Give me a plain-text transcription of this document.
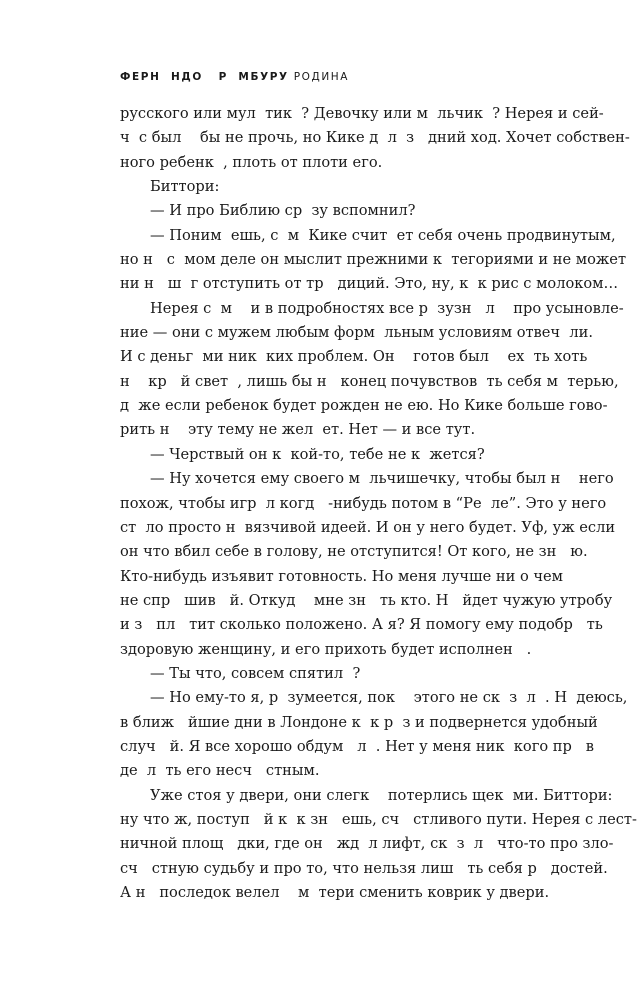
ФЕРН  НДО   Р  МБУРУ РОДИНА
русского или мул  тик  ? Девочку или м  льчик  ? Нерея и сей-
ч  с был    бы не прочь, но Кике д  л  з   дний ход. Хочет собствен-
ного ребенк  , плоть от плоти его.
Биттори:
— И про Библию ср  зу вспомнил?
— Поним  ешь, с  м  Кике счит  ет себя очень продвинутым,
но н   с  мом деле он мыслит прежними к  тегориями и не может
ни н   ш  г отступить от тр   диций. Это, ну, к  к рис с молоком…
Нерея с  м    и в подробностях все р  зузн   л    про усыновле-
ние — они с мужем любым форм  льным условиям отвеч  ли.
И с деньг  ми ник  ких проблем. Он    готов был    ех  ть хоть
н    кр   й свет  , лишь бы н   конец почувствов  ть себя м  терью,
д  же если ребенок будет рожден не ею. Но Кике больше гово-
рить н    эту тему не жел  ет. Нет — и все тут.
— Черствый он к  кой-то, тебе не к  жется?
— Ну хочется ему своего м  льчишечку, чтобы был н    него
похож, чтобы игр  л когд   -нибудь потом в “Ре  ле”. Это у него
ст  ло просто н  вязчивой идеей. И он у него будет. Уф, уж если
он что вбил себе в голову, не отступится! От кого, не зн   ю.
Кто-нибудь изъявит готовность. Но меня лучше ни о чем
не спр   шив   й. Откуд    мне зн   ть кто. Н   йдет чужую утробу
и з   пл   тит сколько положено. А я? Я помогу ему подобр   ть
здоровую женщину, и его прихоть будет исполнен   .
— Ты что, совсем спятил  ?
— Но ему-то я, р  зумеется, пок    этого не ск  з  л  . Н  деюсь,
в ближ   йшие дни в Лондоне к  к р  з и подвернется удобный
случ   й. Я все хорошо обдум   л  . Нет у меня ник  кого пр   в
де  л  ть его несч   стным.
Уже стоя у двери, они слегк    потерлись щек  ми. Биттори:
ну что ж, поступ   й к  к зн   ешь, сч   стливого пути. Нерея с лест-
ничной площ   дки, где он   жд  л лифт, ск  з  л   что-то про зло-
сч   стную судьбу и про то, что нельзя лиш   ть себя р   достей.
А н   последок велел    м  тери сменить коврик у двери.
